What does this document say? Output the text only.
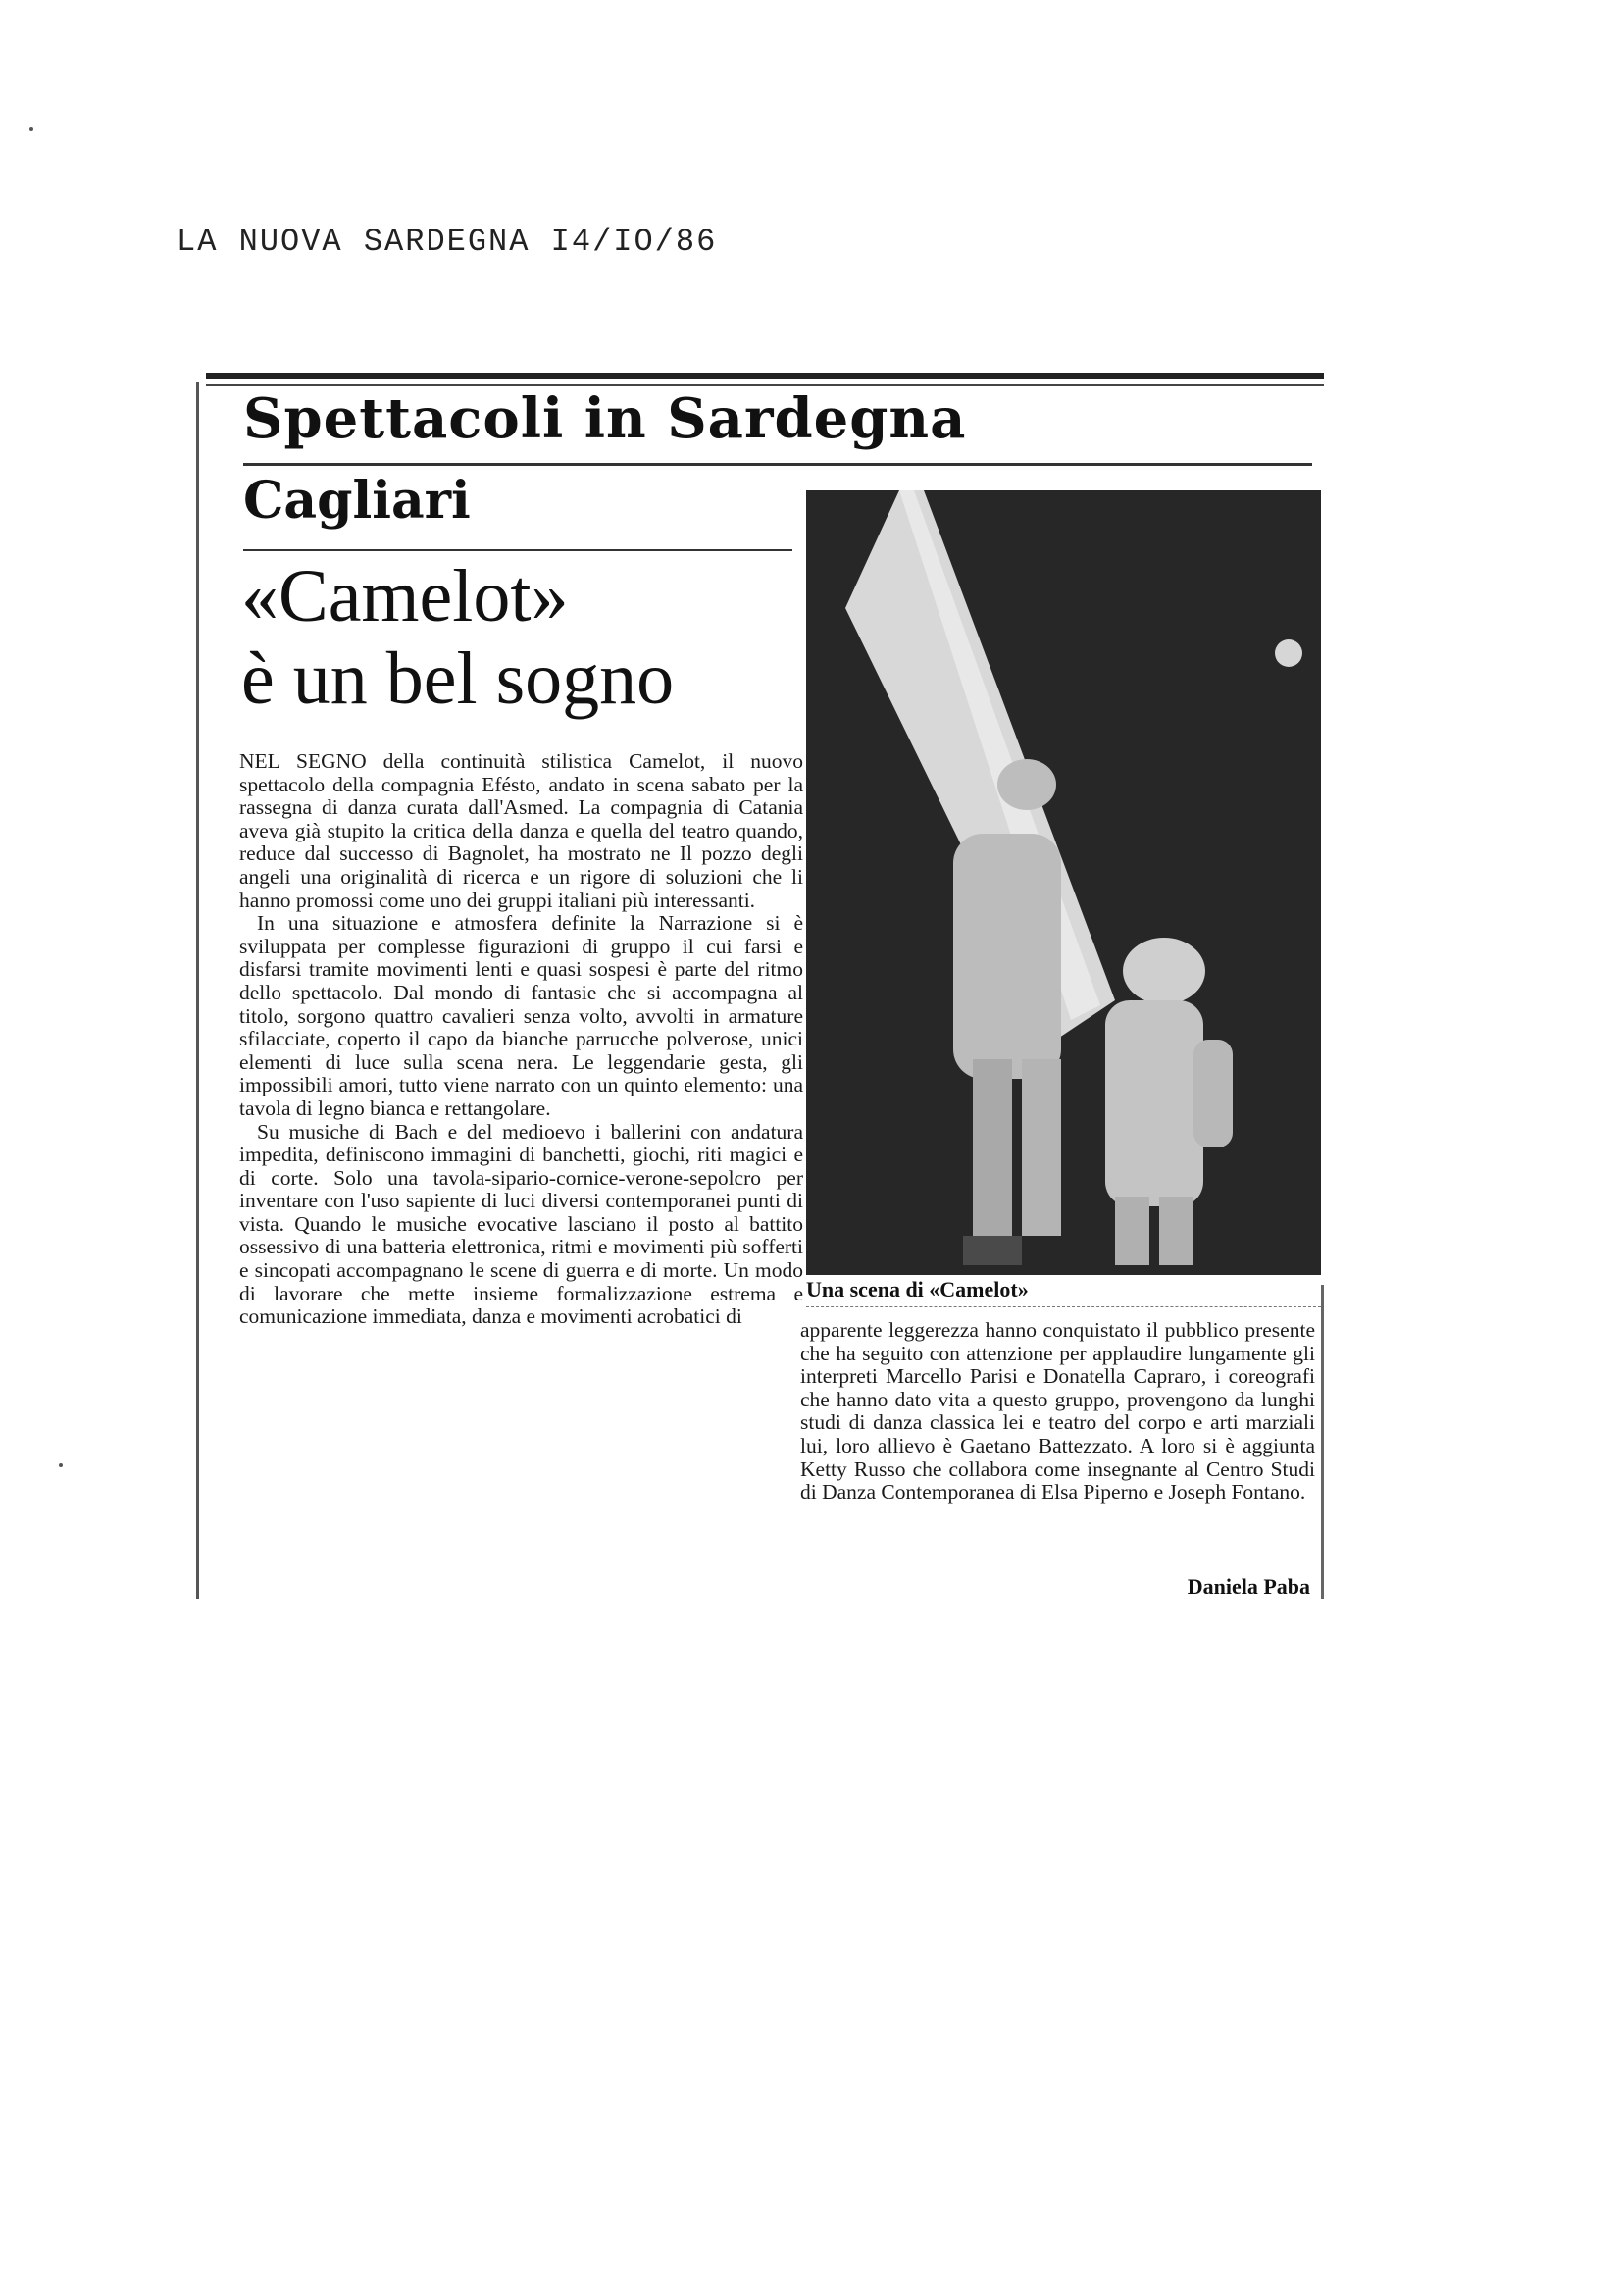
LA NUOVA SARDEGNA I4/IO/86
Spettacoli in Sardegna
Cagliari
«Camelot»
è un bel sogno

NEL SEGNO della continuità stilistica Camelot, il nuovo spettacolo della compagnia Efésto, andato in scena sabato per la rassegna di danza curata dall'Asmed. La compagnia di Catania aveva già stupito la critica della danza e quella del teatro quando, reduce dal successo di Bagnolet, ha mostrato ne Il pozzo degli angeli una originalità di ricerca e un rigore di soluzioni che li hanno promossi come uno dei gruppi italiani più interessanti.

In una situazione e atmosfera definite la Narrazione si è sviluppata per complesse figurazioni di gruppo il cui farsi e disfarsi tramite movimenti lenti e quasi sospesi è parte del ritmo dello spettacolo. Dal mondo di fantasie che si accompagna al titolo, sorgono quattro cavalieri senza volto, avvolti in armature sfilacciate, coperto il capo da bianche parrucche polverose, unici elementi di luce sulla scena nera. Le leggendarie gesta, gli impossibili amori, tutto viene narrato con un quinto elemento: una tavola di legno bianca e rettangolare.

Su musiche di Bach e del medioevo i ballerini con andatura impedita, definiscono immagini di banchetti, giochi, riti magici e di corte. Solo una tavola-sipario-cornice-verone-sepolcro per inventare con l'uso sapiente di luci diversi contemporanei punti di vista. Quando le musiche evocative lasciano il posto al battito ossessivo di una batteria elettronica, ritmi e movimenti più sofferti e sincopati accompagnano le scene di guerra e di morte. Un modo di lavorare che mette insieme formalizzazione estrema e comunicazione immediata, danza e movimenti acrobatici di

Una scena di «Camelot»

apparente leggerezza hanno conquistato il pubblico presente che ha seguito con attenzione per applaudire lungamente gli interpreti Marcello Parisi e Donatella Capraro, i coreografi che hanno dato vita a questo gruppo, provengono da lunghi studi di danza classica lei e teatro del corpo e arti marziali lui, loro allievo è Gaetano Battezzato. A loro si è aggiunta Ketty Russo che collabora come insegnante al Centro Studi di Danza Contemporanea di Elsa Piperno e Joseph Fontano.

Daniela Paba
